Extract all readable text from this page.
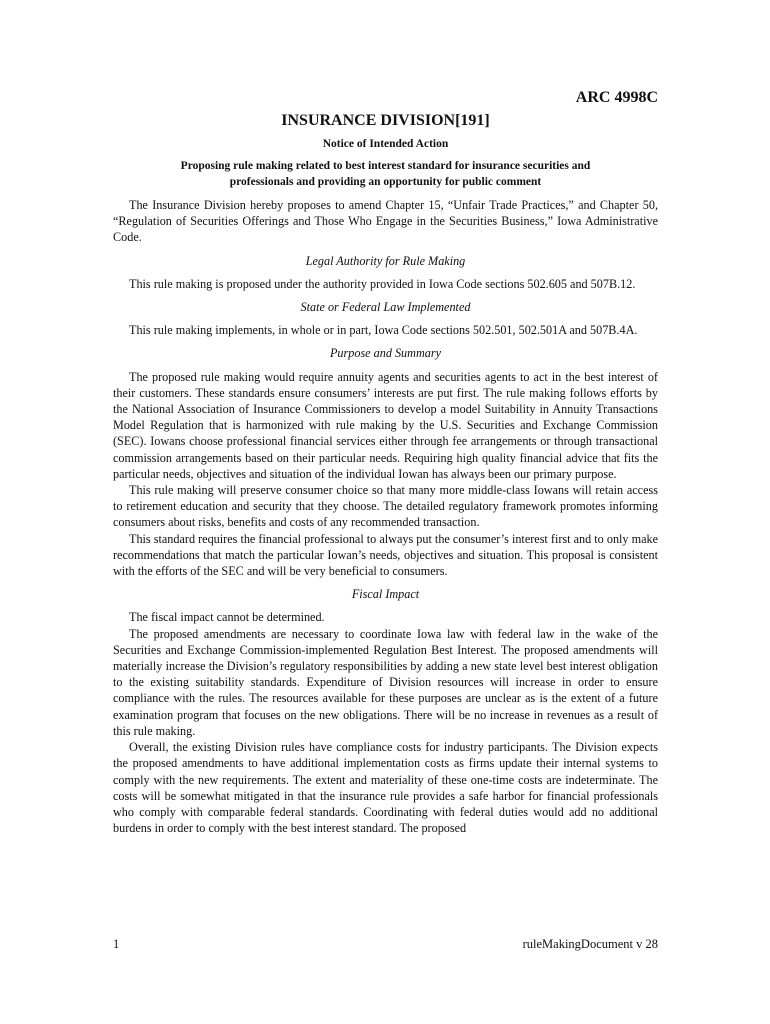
ARC 4998C
INSURANCE DIVISION[191]
Notice of Intended Action
Proposing rule making related to best interest standard for insurance securities and professionals and providing an opportunity for public comment

The Insurance Division hereby proposes to amend Chapter 15, “Unfair Trade Practices,” and Chapter 50, “Regulation of Securities Offerings and Those Who Engage in the Securities Business,” Iowa Administrative Code.

Legal Authority for Rule Making

This rule making is proposed under the authority provided in Iowa Code sections 502.605 and 507B.12.

State or Federal Law Implemented

This rule making implements, in whole or in part, Iowa Code sections 502.501, 502.501A and 507B.4A.

Purpose and Summary

The proposed rule making would require annuity agents and securities agents to act in the best interest of their customers. These standards ensure consumers’ interests are put first. The rule making follows efforts by the National Association of Insurance Commissioners to develop a model Suitability in Annuity Transactions Model Regulation that is harmonized with rule making by the U.S. Securities and Exchange Commission (SEC). Iowans choose professional financial services either through fee arrangements or through transactional commission arrangements based on their particular needs. Requiring high quality financial advice that fits the particular needs, objectives and situation of the individual Iowan has always been our primary purpose.

This rule making will preserve consumer choice so that many more middle-class Iowans will retain access to retirement education and security that they choose. The detailed regulatory framework promotes informing consumers about risks, benefits and costs of any recommended transaction.

This standard requires the financial professional to always put the consumer’s interest first and to only make recommendations that match the particular Iowan’s needs, objectives and situation. This proposal is consistent with the efforts of the SEC and will be very beneficial to consumers.

Fiscal Impact

The fiscal impact cannot be determined.

The proposed amendments are necessary to coordinate Iowa law with federal law in the wake of the Securities and Exchange Commission-implemented Regulation Best Interest. The proposed amendments will materially increase the Division’s regulatory responsibilities by adding a new state level best interest obligation to the existing suitability standards. Expenditure of Division resources will increase in order to ensure compliance with the rules. The resources available for these purposes are unclear as is the extent of a future examination program that focuses on the new obligations. There will be no increase in revenues as a result of this rule making.

Overall, the existing Division rules have compliance costs for industry participants. The Division expects the proposed amendments to have additional implementation costs as firms update their internal systems to comply with the new requirements. The extent and materiality of these one-time costs are indeterminate. The costs will be somewhat mitigated in that the insurance rule provides a safe harbor for financial professionals who comply with comparable federal standards. Coordinating with federal duties would add no additional burdens in order to comply with the best interest standard. The proposed

1	ruleMakingDocument v 28
